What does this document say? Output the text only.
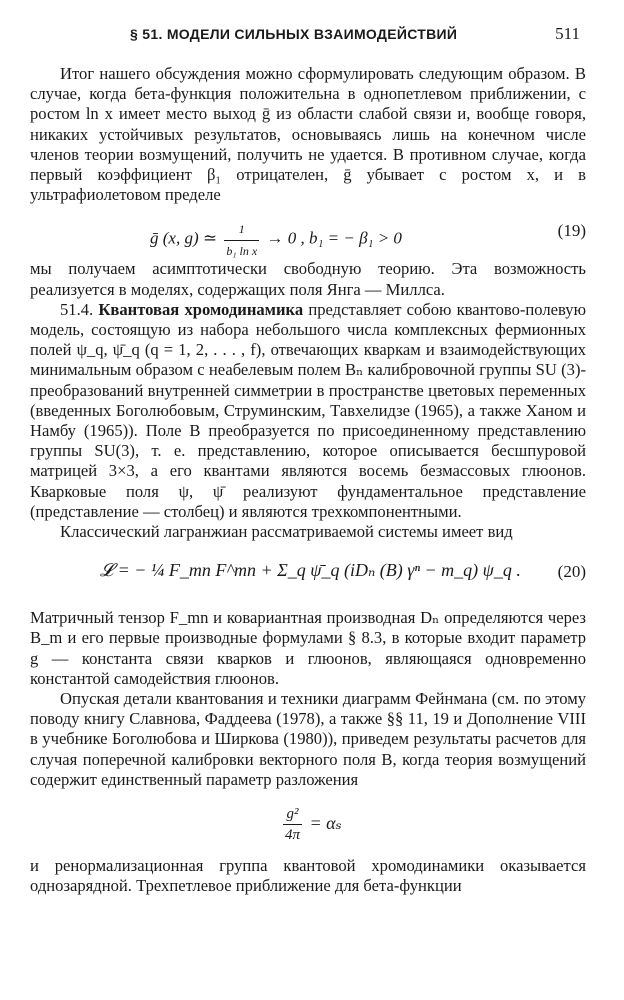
§ 51. МОДЕЛИ СИЛЬНЫХ ВЗАИМОДЕЙСТВИЙ	511

Итог нашего обсуждения можно сформулировать следующим образом. В случае, когда бета-функция положительна в однопетлевом приближении, с ростом ln x имеет место выход ḡ из области слабой связи и, вообще говоря, никаких устойчивых результатов, основываясь лишь на конечном числе членов теории возмущений, получить не удается. В противном случае, когда первый коэффициент β₁ отрицателен, ḡ убывает с ростом x, и в ультрафиолетовом пределе

ḡ (x, g) ≃ $\frac{1}{\text{b₁ ln x}} \to 0$ , b₁ = − β₁ > 0	(19)

мы получаем асимптотически свободную теорию. Эта возможность реализуется в моделях, содержащих поля Янга — Миллса.

51.4. Квантовая хромодинамика представляет собою квантово-полевую модель, состоящую из набора небольшого числа комплексных фермионных полей ψ_q, ψ̄_q (q = 1, 2, . . . , f), отвечающих кваркам и взаимодействующих минимальным образом с неабелевым полем Bₙ калибровочной группы SU (3)-преобразований внутренней симметрии в пространстве цветовых переменных (введенных Боголюбовым, Струминским, Тавхелидзе (1965), а также Ханом и Намбу (1965)). Поле B преобразуется по присоединенному представлению группы SU(3), т. е. представлению, которое описывается бесшпуровой матрицей 3×3, а его квантами являются восемь безмассовых глюонов. Кварковые поля ψ, ψ̄ реализуют фундаментальное представление (представление — столбец) и являются трехкомпонентными.

Классический лагранжиан рассматриваемой системы имеет вид

𝓛 = − ¼ F_mn F^mn + Σ_q ψ̄_q (iDₙ (B) γⁿ − m_q) ψ_q . (20)

Матричный тензор F_mn и ковариантная производная Dₙ определяются через B_m и его первые производные формулами § 8.3, в которые входит параметр g — константа связи кварков и глюонов, являющаяся одновременно константой самодействия глюонов.

Опуская детали квантования и техники диаграмм Фейнмана (см. по этому поводу книгу Славнова, Фаддеева (1978), а также §§ 11, 19 и Дополнение VIII в учебнике Боголюбова и Ширкова (1980)), приведем результаты расчетов для случая поперечной калибровки векторного поля B, когда теория возмущений содержит единственный параметр разложения

$\frac{\text{g²}}{4\pi} = \alpha_s$

и ренормализационная группа квантовой хромодинамики оказывается однозарядной. Трехпетлевое приближение для бета-функции
